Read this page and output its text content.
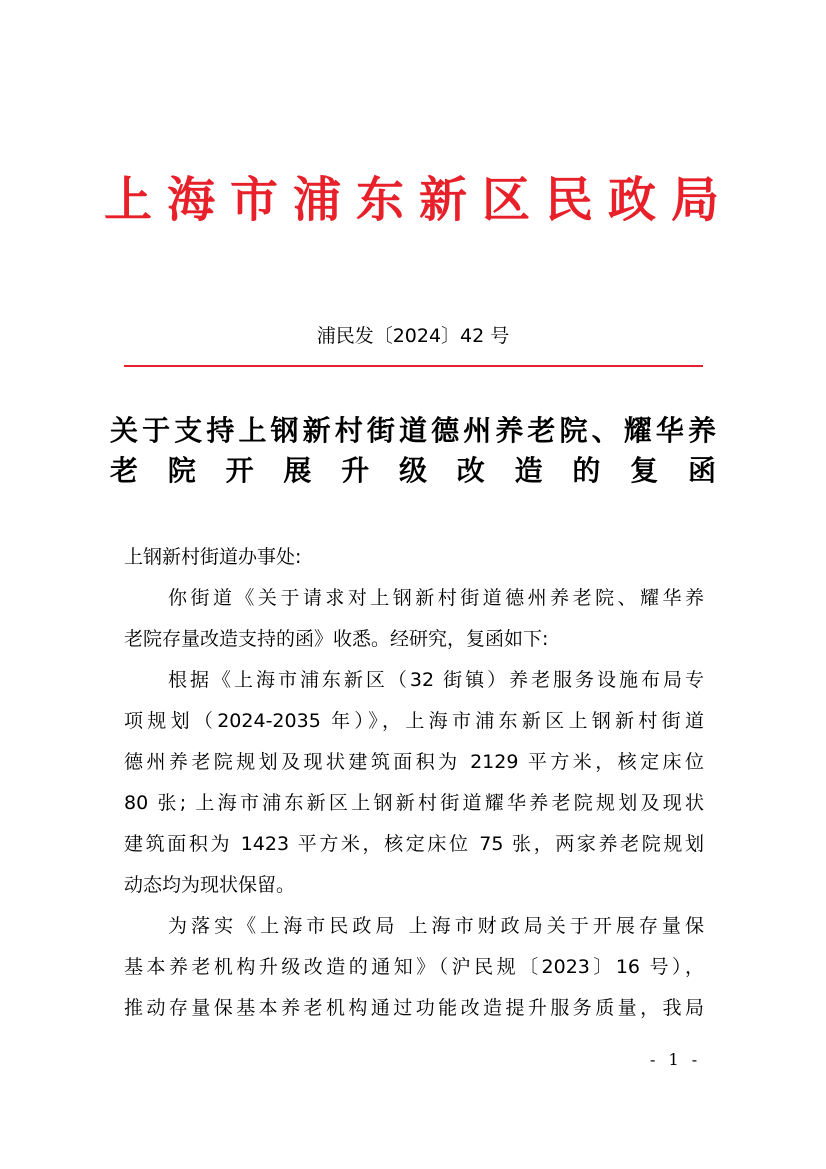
上海市浦东新区民政局
浦民发〔2024〕42 号
关于支持上钢新村街道德州养老院、耀华养
老院开展升级改造的复函
上钢新村街道办事处:
你街道《关于请求对上钢新村街道德州养老院、耀华养
老院存量改造支持的函》收悉。经研究，复函如下:
根据《上海市浦东新区（32 街镇）养老服务设施布局专
项规划（2024-2035 年）》，上海市浦东新区上钢新村街道
德州养老院规划及现状建筑面积为 2129 平方米，核定床位
80 张; 上海市浦东新区上钢新村街道耀华养老院规划及现状
建筑面积为 1423 平方米，核定床位 75 张，两家养老院规划
动态均为现状保留。
为落实《上海市民政局 上海市财政局关于开展存量保
基本养老机构升级改造的通知》（沪民规〔2023〕16 号），
推动存量保基本养老机构通过功能改造提升服务质量，我局
- 1 -
